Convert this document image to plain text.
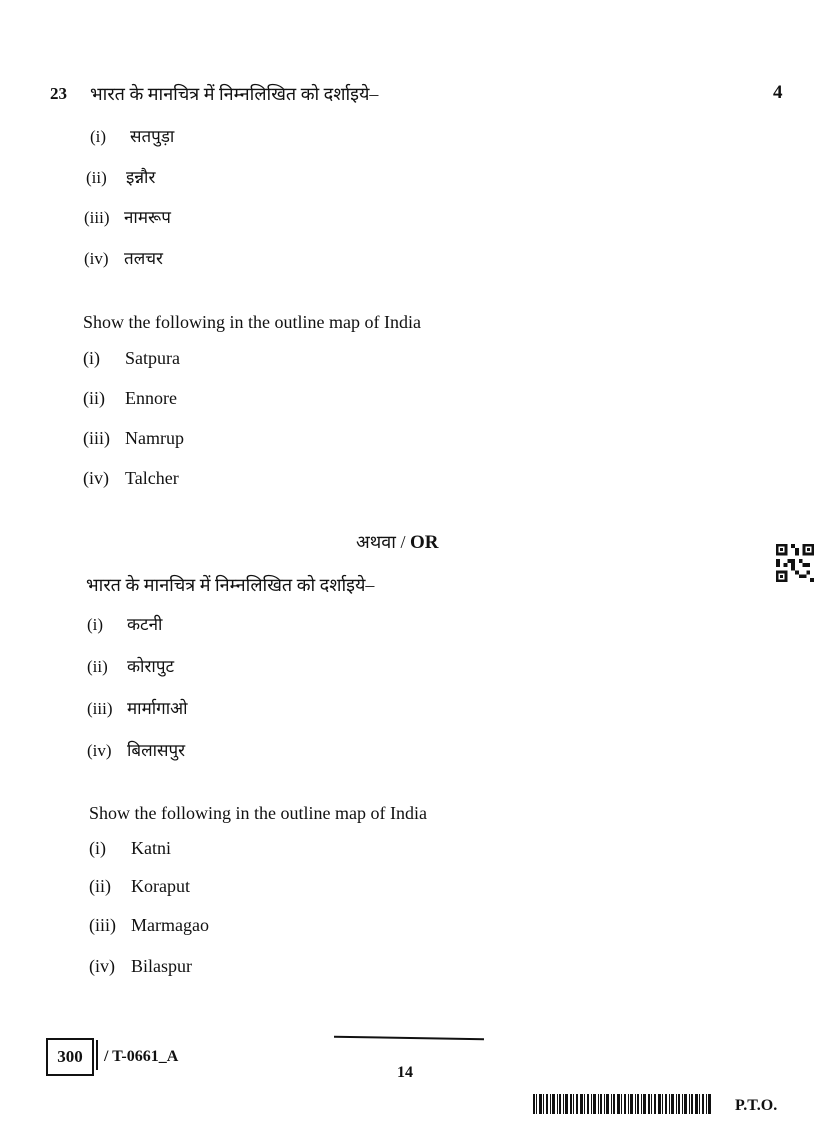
23 भारत के मानचित्र में निम्नलिखित को दर्शाइये–	4
(i) सतपुड़ा
(ii) इन्नौर
(iii) नामरूप
(iv) तलचर
Show the following in the outline map of India
(i) Satpura
(ii) Ennore
(iii) Namrup
(iv) Talcher
अथवा / OR
भारत के मानचित्र में निम्नलिखित को दर्शाइये–
(i) कटनी
(ii) कोरापुट
(iii) मार्मागाओ
(iv) बिलासपुर
Show the following in the outline map of India
(i) Katni
(ii) Koraput
(iii) Marmagao
(iv) Bilaspur
300 / T-0661_A
14
P.T.O.
